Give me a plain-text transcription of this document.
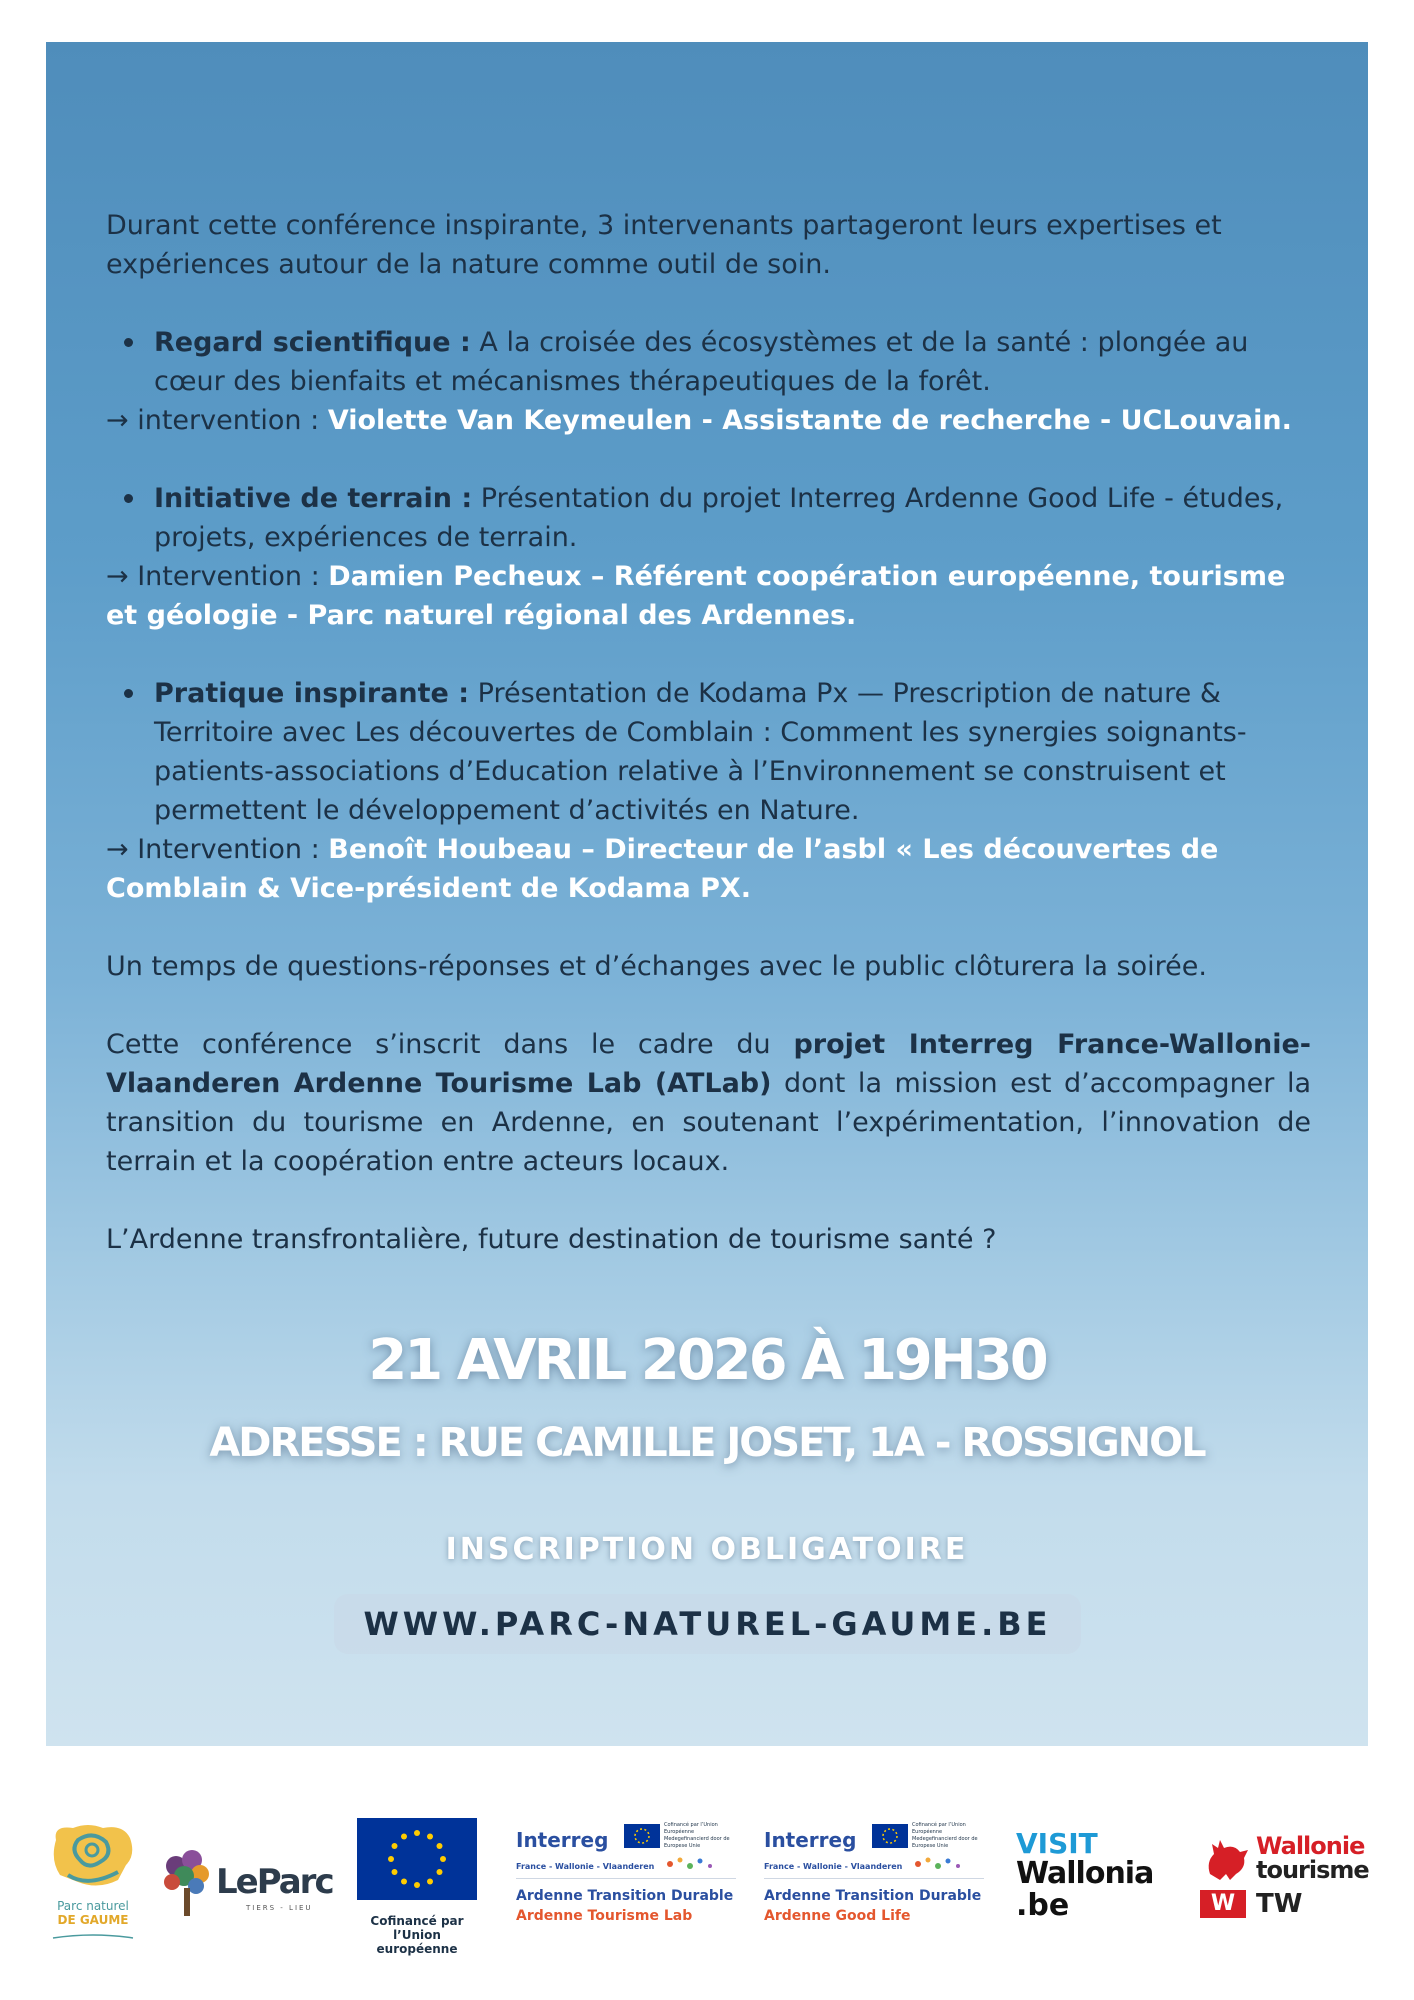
Durant cette conférence inspirante, 3 intervenants partageront leurs expertises et expériences autour de la nature comme outil de soin.

Regard scientifique : A la croisée des écosystèmes et de la santé : plongée au cœur des bienfaits et mécanismes thérapeutiques de la forêt.

→ intervention : Violette Van Keymeulen - Assistante de recherche - UCLouvain.

Initiative de terrain : Présentation du projet Interreg Ardenne Good Life - études, projets, expériences de terrain.

→ Intervention : Damien Pecheux – Référent coopération européenne, tourisme et géologie - Parc naturel régional des Ardennes.

Pratique inspirante : Présentation de Kodama Px — Prescription de nature & Territoire avec Les découvertes de Comblain : Comment les synergies soignants-patients-associations d’Education relative à l’Environnement se construisent et permettent le développement d’activités en Nature.

→ Intervention : Benoît Houbeau – Directeur de l’asbl « Les découvertes de Comblain & Vice-président de Kodama PX.

Un temps de questions-réponses et d’échanges avec le public clôturera la soirée.

Cette conférence s’inscrit dans le cadre du projet Interreg France-Wallonie-Vlaanderen Ardenne Tourisme Lab (ATLab) dont la mission est d’accompagner la transition du tourisme en Ardenne, en soutenant l’expérimentation, l’innovation de terrain et la coopération entre acteurs locaux.

L’Ardenne transfrontalière, future destination de tourisme santé ?

21 AVRIL 2026 À 19H30
ADRESSE : RUE CAMILLE JOSET, 1A - ROSSIGNOL
INSCRIPTION OBLIGATOIRE
WWW.PARC-NATUREL-GAUME.BE
Parc naturel
DE GAUME
LeParc
TIERS - LIEU
Cofinancé par
l’Union européenne
Interreg
Cofinancé par l’Union Européenne Medegefinancierd door de Europese Unie
France - Wallonie - Vlaanderen
Ardenne Transition Durable
Ardenne Tourisme Lab
Interreg
Cofinancé par l’Union Européenne Medegefinancierd door de Europese Unie
France - Wallonie - Vlaanderen
Ardenne Transition Durable
Ardenne Good Life
VISIT
Wallonia
.be
Wallonie
tourisme
W TW
